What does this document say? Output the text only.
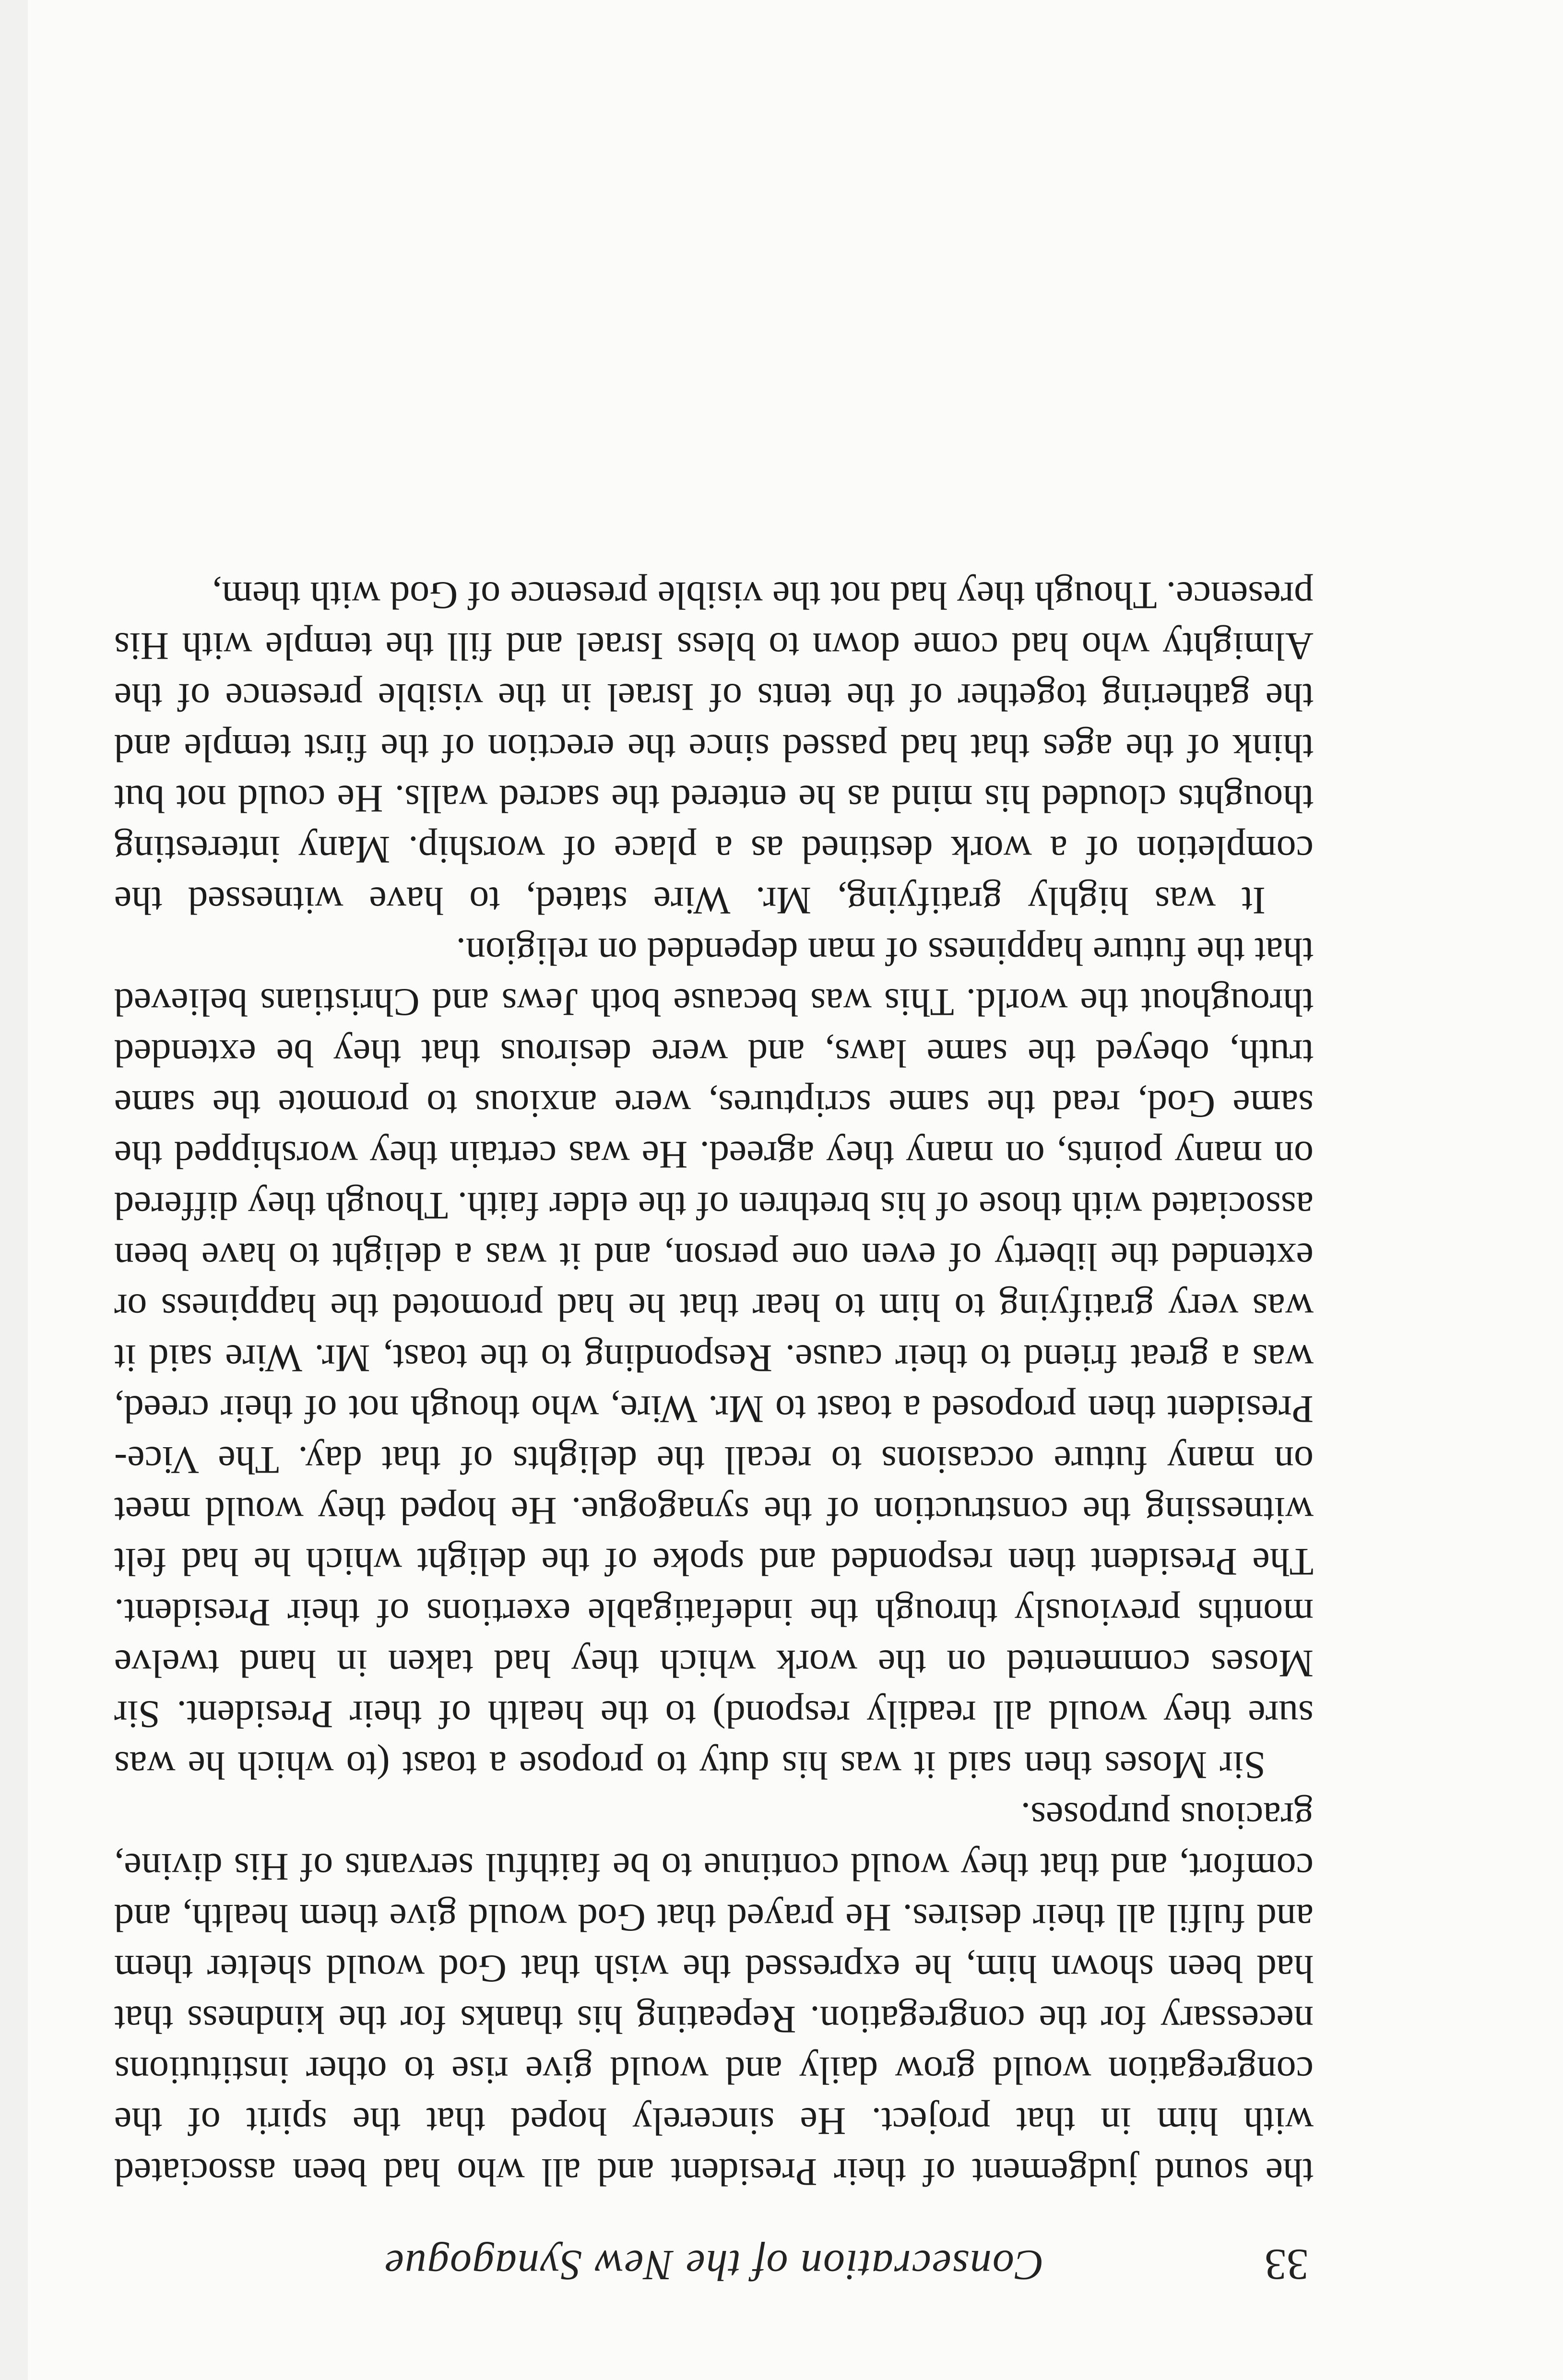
Consecration of the New Synagogue	33

the sound judgement of their President and all who had been associated with him in that project. He sincerely hoped that the spirit of the congregation would grow daily and would give rise to other institutions necessary for the congregation. Repeating his thanks for the kindness that had been shown him, he expressed the wish that God would shelter them and fulfil all their desires. He prayed that God would give them health, and comfort, and that they would continue to be faithful servants of His divine, gracious purposes.

Sir Moses then said it was his duty to propose a toast (to which he was sure they would all readily respond) to the health of their President. Sir Moses commented on the work which they had taken in hand twelve months previously through the indefatigable exertions of their President. The President then responded and spoke of the delight which he had felt witnessing the construction of the synagogue. He hoped they would meet on many future occasions to recall the delights of that day. The Vice-President then proposed a toast to Mr. Wire, who though not of their creed, was a great friend to their cause. Responding to the toast, Mr. Wire said it was very gratifying to him to hear that he had promoted the happiness or extended the liberty of even one person, and it was a delight to have been associated with those of his brethren of the elder faith. Though they differed on many points, on many they agreed. He was certain they worshipped the same God, read the same scriptures, were anxious to promote the same truth, obeyed the same laws, and were desirous that they be extended throughout the world. This was because both Jews and Christians believed that the future happiness of man depended on religion.

It was highly gratifying, Mr. Wire stated, to have witnessed the completion of a work destined as a place of worship. Many interesting thoughts clouded his mind as he entered the sacred walls. He could not but think of the ages that had passed since the erection of the first temple and the gathering together of the tents of Israel in the visible presence of the Almighty who had come down to bless Israel and fill the temple with His presence. Though they had not the visible presence of God with them,
